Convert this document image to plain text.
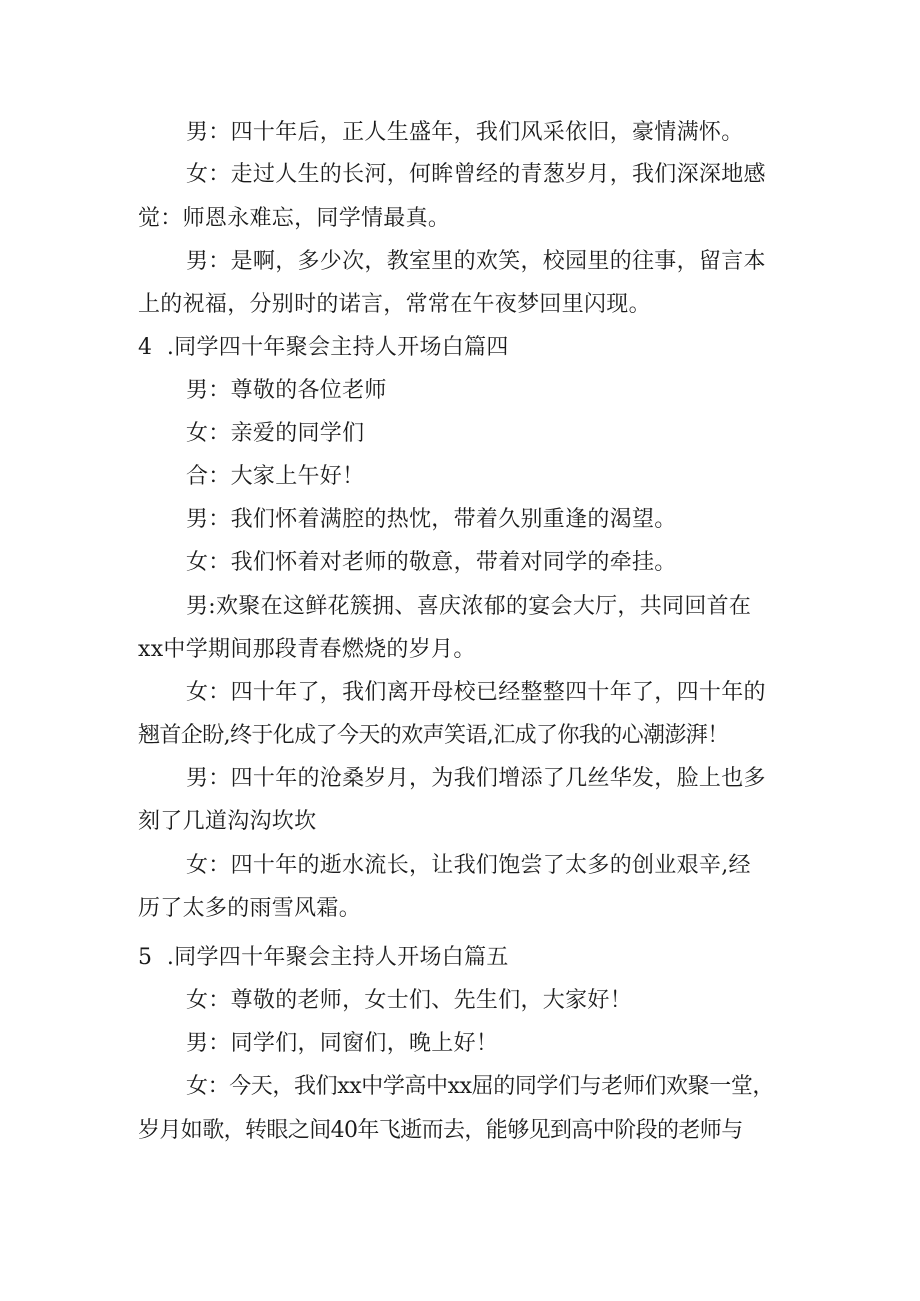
男：四十年后，正人生盛年，我们风采依旧，豪情满怀。
女：走过人生的长河，何眸曾经的青葱岁月，我们深深地感
觉：师恩永难忘，同学情最真。
男：是啊，多少次，教室里的欢笑，校园里的往事，留言本
上的祝福，分别时的诺言，常常在午夜梦回里闪现。
4  .同学四十年聚会主持人开场白篇四
男：尊敬的各位老师
女：亲爱的同学们
合：大家上午好！
男：我们怀着满腔的热忱，带着久别重逢的渴望。
女：我们怀着对老师的敬意，带着对同学的牵挂。
男:欢聚在这鲜花簇拥、喜庆浓郁的宴会大厅，共同回首在
xx中学期间那段青春燃烧的岁月。
女：四十年了，我们离开母校已经整整四十年了，四十年的
翘首企盼,终于化成了今天的欢声笑语,汇成了你我的心潮澎湃！
男：四十年的沧桑岁月，为我们增添了几丝华发，脸上也多
刻了几道沟沟坎坎
女：四十年的逝水流长，让我们饱尝了太多的创业艰辛,经
历了太多的雨雪风霜。
5  .同学四十年聚会主持人开场白篇五
女：尊敬的老师，女士们、先生们，大家好！
男：同学们，同窗们，晚上好！
女：今天，我们xx中学高中xx屈的同学们与老师们欢聚一堂，
岁月如歌，转眼之间40年飞逝而去，能够见到高中阶段的老师与
